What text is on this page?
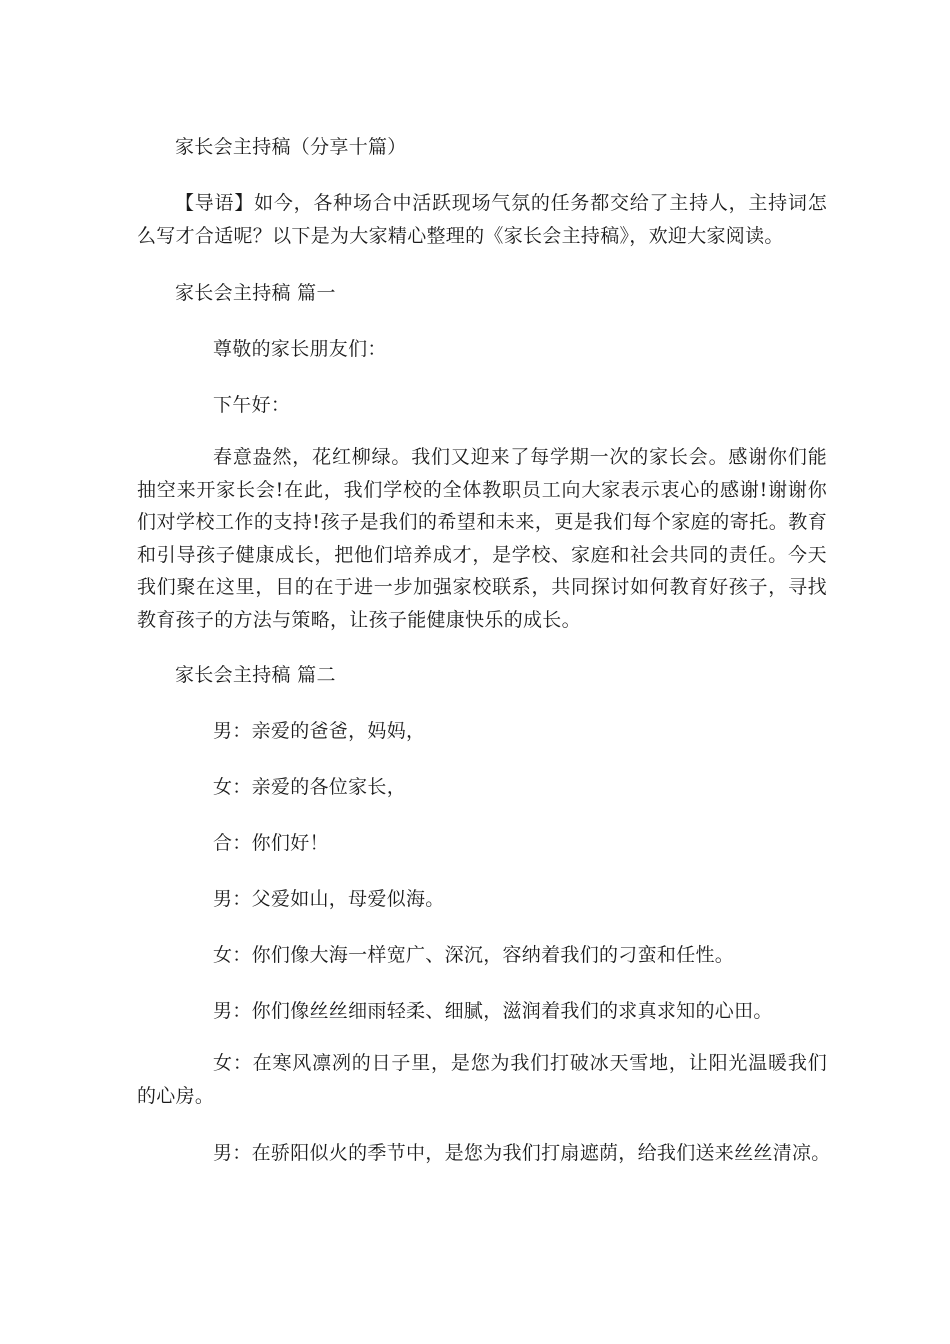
家长会主持稿（分享十篇）
【导语】如今，各种场合中活跃现场气氛的任务都交给了主持人，主持词怎么写才合适呢？以下是为大家精心整理的《家长会主持稿》，欢迎大家阅读。
家长会主持稿 篇一
尊敬的家长朋友们：
下午好：
春意盎然，花红柳绿。我们又迎来了每学期一次的家长会。感谢你们能抽空来开家长会!在此，我们学校的全体教职员工向大家表示衷心的感谢!谢谢你们对学校工作的支持!孩子是我们的希望和未来，更是我们每个家庭的寄托。教育和引导孩子健康成长，把他们培养成才，是学校、家庭和社会共同的责任。今天我们聚在这里，目的在于进一步加强家校联系，共同探讨如何教育好孩子，寻找教育孩子的方法与策略，让孩子能健康快乐的成长。
家长会主持稿 篇二
男：亲爱的爸爸，妈妈，
女：亲爱的各位家长，
合：你们好！
男：父爱如山，母爱似海。
女：你们像大海一样宽广、深沉，容纳着我们的刁蛮和任性。
男：你们像丝丝细雨轻柔、细腻，滋润着我们的求真求知的心田。
女：在寒风凛冽的日子里，是您为我们打破冰天雪地，让阳光温暖我们的心房。
男：在骄阳似火的季节中，是您为我们打扇遮荫，给我们送来丝丝清凉。
